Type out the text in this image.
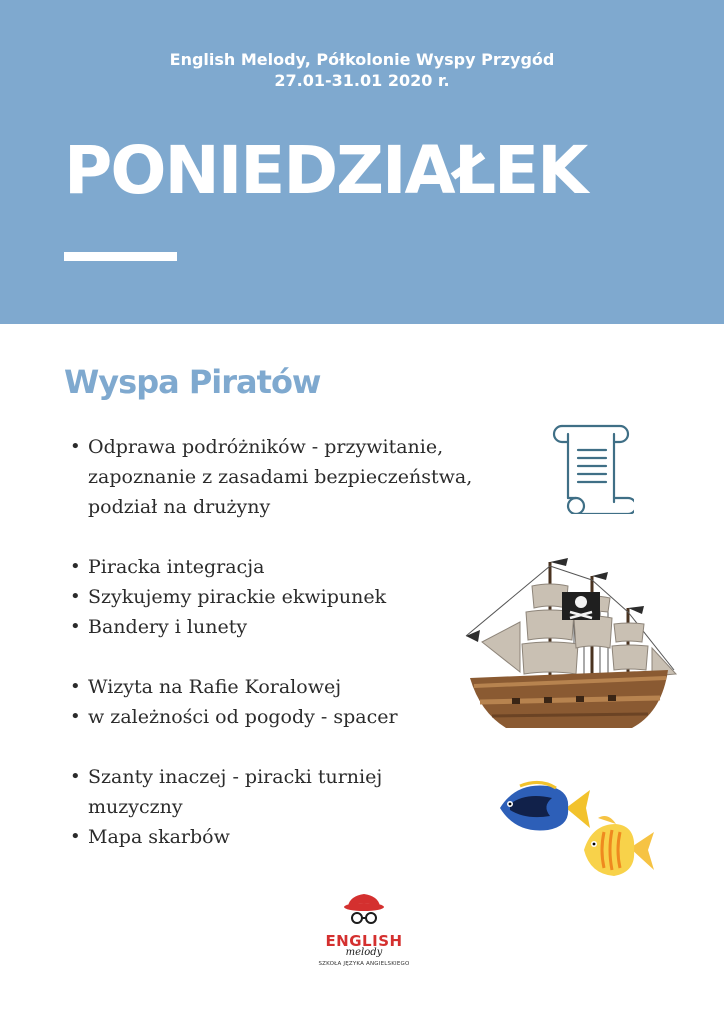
English Melody, Półkolonie Wyspy Przygód
27.01-31.01 2020 r.
PONIEDZIAŁEK
Wyspa Piratów
• Odprawa podróżników - przywitanie,
zapoznanie z zasadami bezpieczeństwa,
podział na drużyny
• Piracka integracja
• Szykujemy pirackie ekwipunek
• Bandery i lunety
• Wizyta na Rafie Koralowej
• w zależności od pogody - spacer
• Szanty inaczej - piracki turniej
muzyczny
• Mapa skarbów
ENGLISH
melody
SZKOŁA JĘZYKA ANGIELSKIEGO
